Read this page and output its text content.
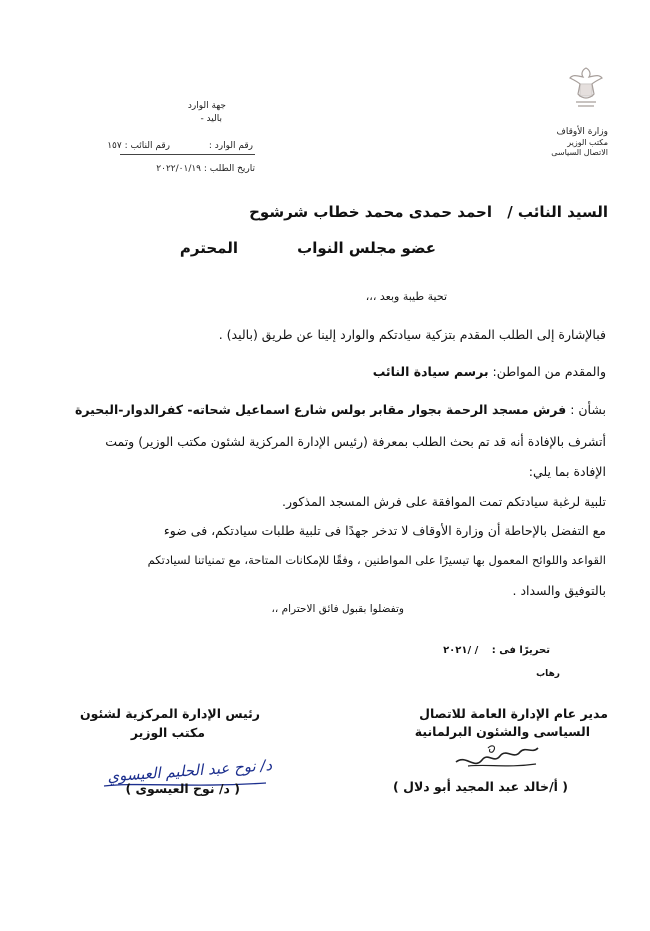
وزارة الأوقاف
مكتب الوزير
الاتصال السياسى
جهة الوارد
باليد -
رقم الوارد :
رقم النائب : ١٥٧
تاريخ الطلب : ٢٠٢٢/٠١/١٩
السيد النائب / احمد حمدى محمد خطاب شرشوح
عضو مجلس النواب
المحترم
تحية طيبة وبعد ،،،
فبالإشارة إلى الطلب المقدم بتزكية سيادتكم والوارد إلينا عن طريق (باليد) .
والمقدم من المواطن: برسم سيادة النائب
بشأن : فرش مسجد الرحمة بجوار مقابر بولس شارع اسماعيل شحاته- كفرالدوار-البحيرة
أتشرف بالإفادة أنه قد تم بحث الطلب بمعرفة (رئيس الإدارة المركزية لشئون مكتب الوزير) وتمت
الإفادة بما يلي:
تلبية لرغبة سيادتكم تمت الموافقة على فرش المسجد المذكور.
مع التفضل بالإحاطة أن وزارة الأوقاف لا تدخر جهدًا فى تلبية طلبات سيادتكم، فى ضوء
القواعد واللوائح المعمول بها تيسيرًا على المواطنين ، وفقًا للإمكانات المتاحة، مع تمنياتنا لسيادتكم
بالتوفيق والسداد .
وتفضلوا بقبول فائق الاحترام ،،
تحريرًا فى : / /٢٠٢١
رهاب
مدير عام الإدارة العامة للاتصال
السياسى والشئون البرلمانية
( أ/خالد عبد المجيد أبو دلال )
رئيس الإدارة المركزية لشئون
مكتب الوزير
د/ نوح عبد الحليم العيسوي
( د/ نوح العيسوى )
